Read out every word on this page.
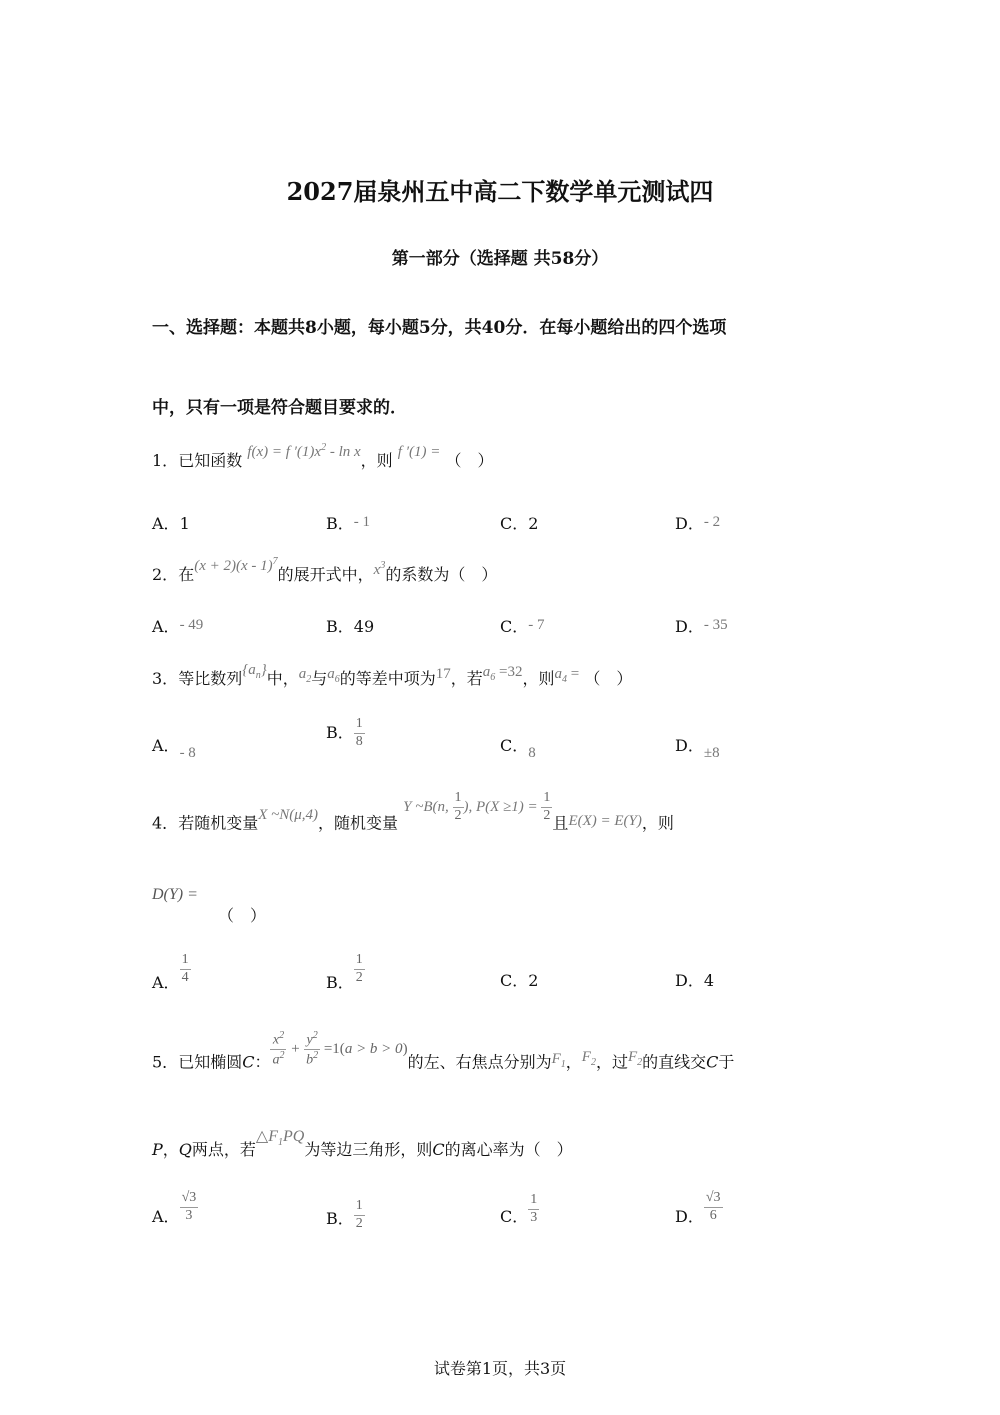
2027届泉州五中高二下数学单元测试四
第一部分（选择题 共58分）
一、选择题：本题共8小题，每小题5分，共40分．在每小题给出的四个选项
中，只有一项是符合题目要求的．
1．已知函数 f(x) = f $'(1)x^2$ - ln x，则 f ′(1) = （　）
A．1	B．- 1	C．2	D．- 2
2．在(x + 2)(x - 1)$^7$的展开式中，$x^3$的系数为（　）
A．- 49	B．49	C．- 7	D．- 35
3．等比数列$\{a_n\}$中，$a_2$与$a_6$的等差中项为17，若$a_6 =32$，则$a_4$ = （　）
A．- 8
B． $\frac{1}{8}$	C．8	D．±8
4．若随机变量X ~N(μ,4)，随机变量 Y ~B(n, $\frac{1}{2}$ ), $P(X \ge 1) = \frac{1}{2}$ 且E(X) = E(Y)，则
D(Y) =
（　）
A． $\frac{1}{4}$	B． $\frac{1}{2}$	C．2	D．4
5．已知椭圆C： $\frac{x^2}{a^2} + \frac{y^2}{b^2} =1(a > b > 0)$的左、右焦点分别为$F_1$，$F_2$，过$F_2$的直线交C于
P，Q两点，若$\triangle F_1PQ$为等边三角形，则C的离心率为（　）
A． $\frac{√3}{3}$	B． $\frac{1}{2}$	C． $\frac{1}{3}$	D． $\frac{√3}{6}$
试卷第1页，共3页
